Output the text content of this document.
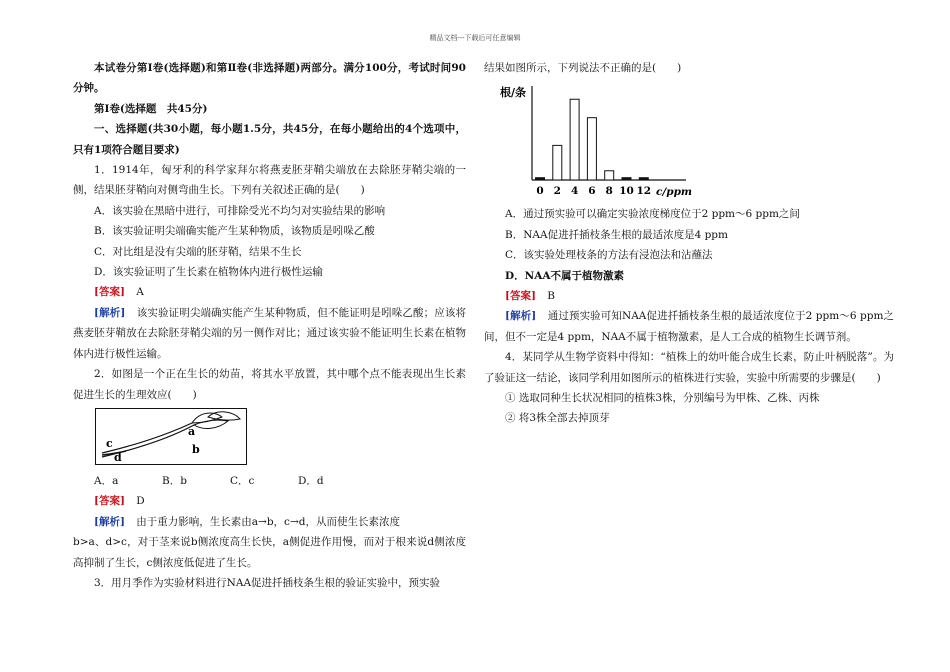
精品文档---下载后可任意编辑

本试卷分第Ⅰ卷(选择题)和第Ⅱ卷(非选择题)两部分。满分100分，考试时间90分钟。

第Ⅰ卷(选择题　共45分)

一、选择题(共30小题，每小题1.5分，共45分，在每小题给出的4个选项中，只有1项符合题目要求)

1．1914年，匈牙利的科学家拜尔将燕麦胚芽鞘尖端放在去除胚芽鞘尖端的一侧，结果胚芽鞘向对侧弯曲生长。下列有关叙述正确的是(　　)

A．该实验在黑暗中进行，可排除受光不均匀对实验结果的影响

B．该实验证明尖端确实能产生某种物质，该物质是吲哚乙酸

C．对比组是没有尖端的胚芽鞘，结果不生长

D．该实验证明了生长素在植物体内进行极性运输

[答案] A

[解析] 该实验证明尖端确实能产生某种物质，但不能证明是吲哚乙酸；应该将燕麦胚芽鞘放在去除胚芽鞘尖端的另一侧作对比；通过该实验不能证明生长素在植物体内进行极性运输。

2．如图是一个正在生长的幼苗，将其水平放置，其中哪个点不能表现出生长素促进生长的生理效应(　　)

a
b
c
d
A．a	B．b	C．c	D．d

[答案] D

[解析] 由于重力影响，生长素由a→b，c→d，从而使生长素浓度

b>a、d>c，对于茎来说b侧浓度高生长快，a侧促进作用慢，而对于根来说d侧浓度高抑制了生长，c侧浓度低促进了生长。

3．用月季作为实验材料进行NAA促进扦插枝条生根的验证实验中，预实验

结果如图所示，下列说法不正确的是(　　)

根/条
c/ppm
0 2 4 6 8 10 12

A．通过预实验可以确定实验浓度梯度位于2 ppm～6 ppm之间

B．NAA促进扦插枝条生根的最适浓度是4 ppm

C．该实验处理枝条的方法有浸泡法和沾蘸法

D．NAA不属于植物激素

[答案] B

[解析] 通过预实验可知NAA促进扦插枝条生根的最适浓度位于2 ppm～6 ppm之间，但不一定是4 ppm，NAA不属于植物激素，是人工合成的植物生长调节剂。

4．某同学从生物学资料中得知：“植株上的幼叶能合成生长素，防止叶柄脱落”。为了验证这一结论，该同学利用如图所示的植株进行实验，实验中所需要的步骤是(　　)

① 选取同种生长状况相同的植株3株，分别编号为甲株、乙株、丙株

② 将3株全部去掉顶芽
